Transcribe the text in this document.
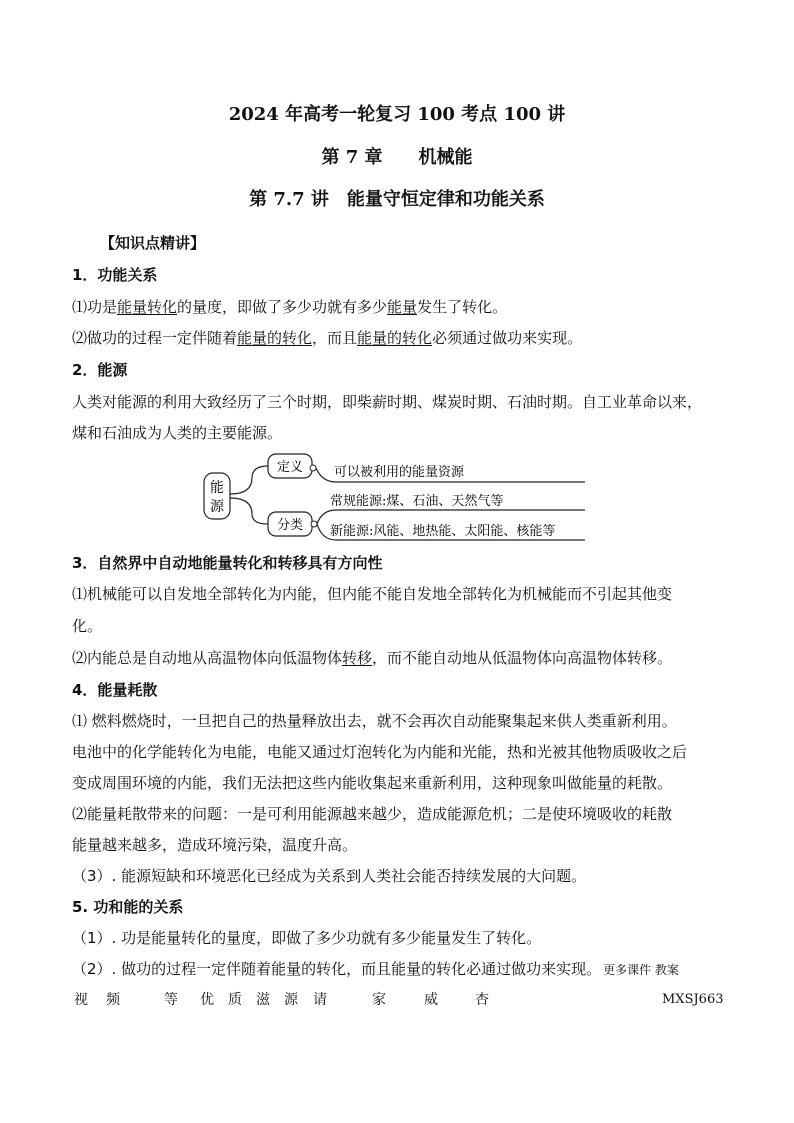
2024 年高考一轮复习 100 考点 100 讲
第 7 章　　机械能
第 7.7 讲　能量守恒定律和功能关系
【知识点精讲】
1．功能关系
⑴功是能量转化的量度，即做了多少功就有多少能量发生了转化。
⑵做功的过程一定伴随着能量的转化，而且能量的转化必须通过做功来实现。
2．能源
人类对能源的利用大致经历了三个时期，即柴薪时期、煤炭时期、石油时期。自工业革命以来，
煤和石油成为人类的主要能源。
能
源
定义 可以被利用的能量资源
分类
常规能源:煤、石油、天然气等
新能源:风能、地热能、太阳能、核能等
3．自然界中自动地能量转化和转移具有方向性
⑴机械能可以自发地全部转化为内能，但内能不能自发地全部转化为机械能而不引起其他变
化。
⑵内能总是自动地从高温物体向低温物体转移，而不能自动地从低温物体向高温物体转移。
4．能量耗散
⑴ 燃料燃烧时，一旦把自己的热量释放出去，就不会再次自动能聚集起来供人类重新利用。
电池中的化学能转化为电能，电能又通过灯泡转化为内能和光能，热和光被其他物质吸收之后
变成周围环境的内能，我们无法把这些内能收集起来重新利用，这种现象叫做能量的耗散。
⑵能量耗散带来的问题：一是可利用能源越来越少，造成能源危机；二是使环境吸收的耗散
能量越来越多，造成环境污染，温度升高。
（3）. 能源短缺和环境恶化已经成为关系到人类社会能否持续发展的大问题。
5. 功和能的关系
（1）. 功是能量转化的量度，即做了多少功就有多少能量发生了转化。
（2）. 做功的过程一定伴随着能量的转化，而且能量的转化必通过做功来实现。 更多课件 教案
视 频	等 优 质 滋 源 请	家	威	杏	MXSJ663
